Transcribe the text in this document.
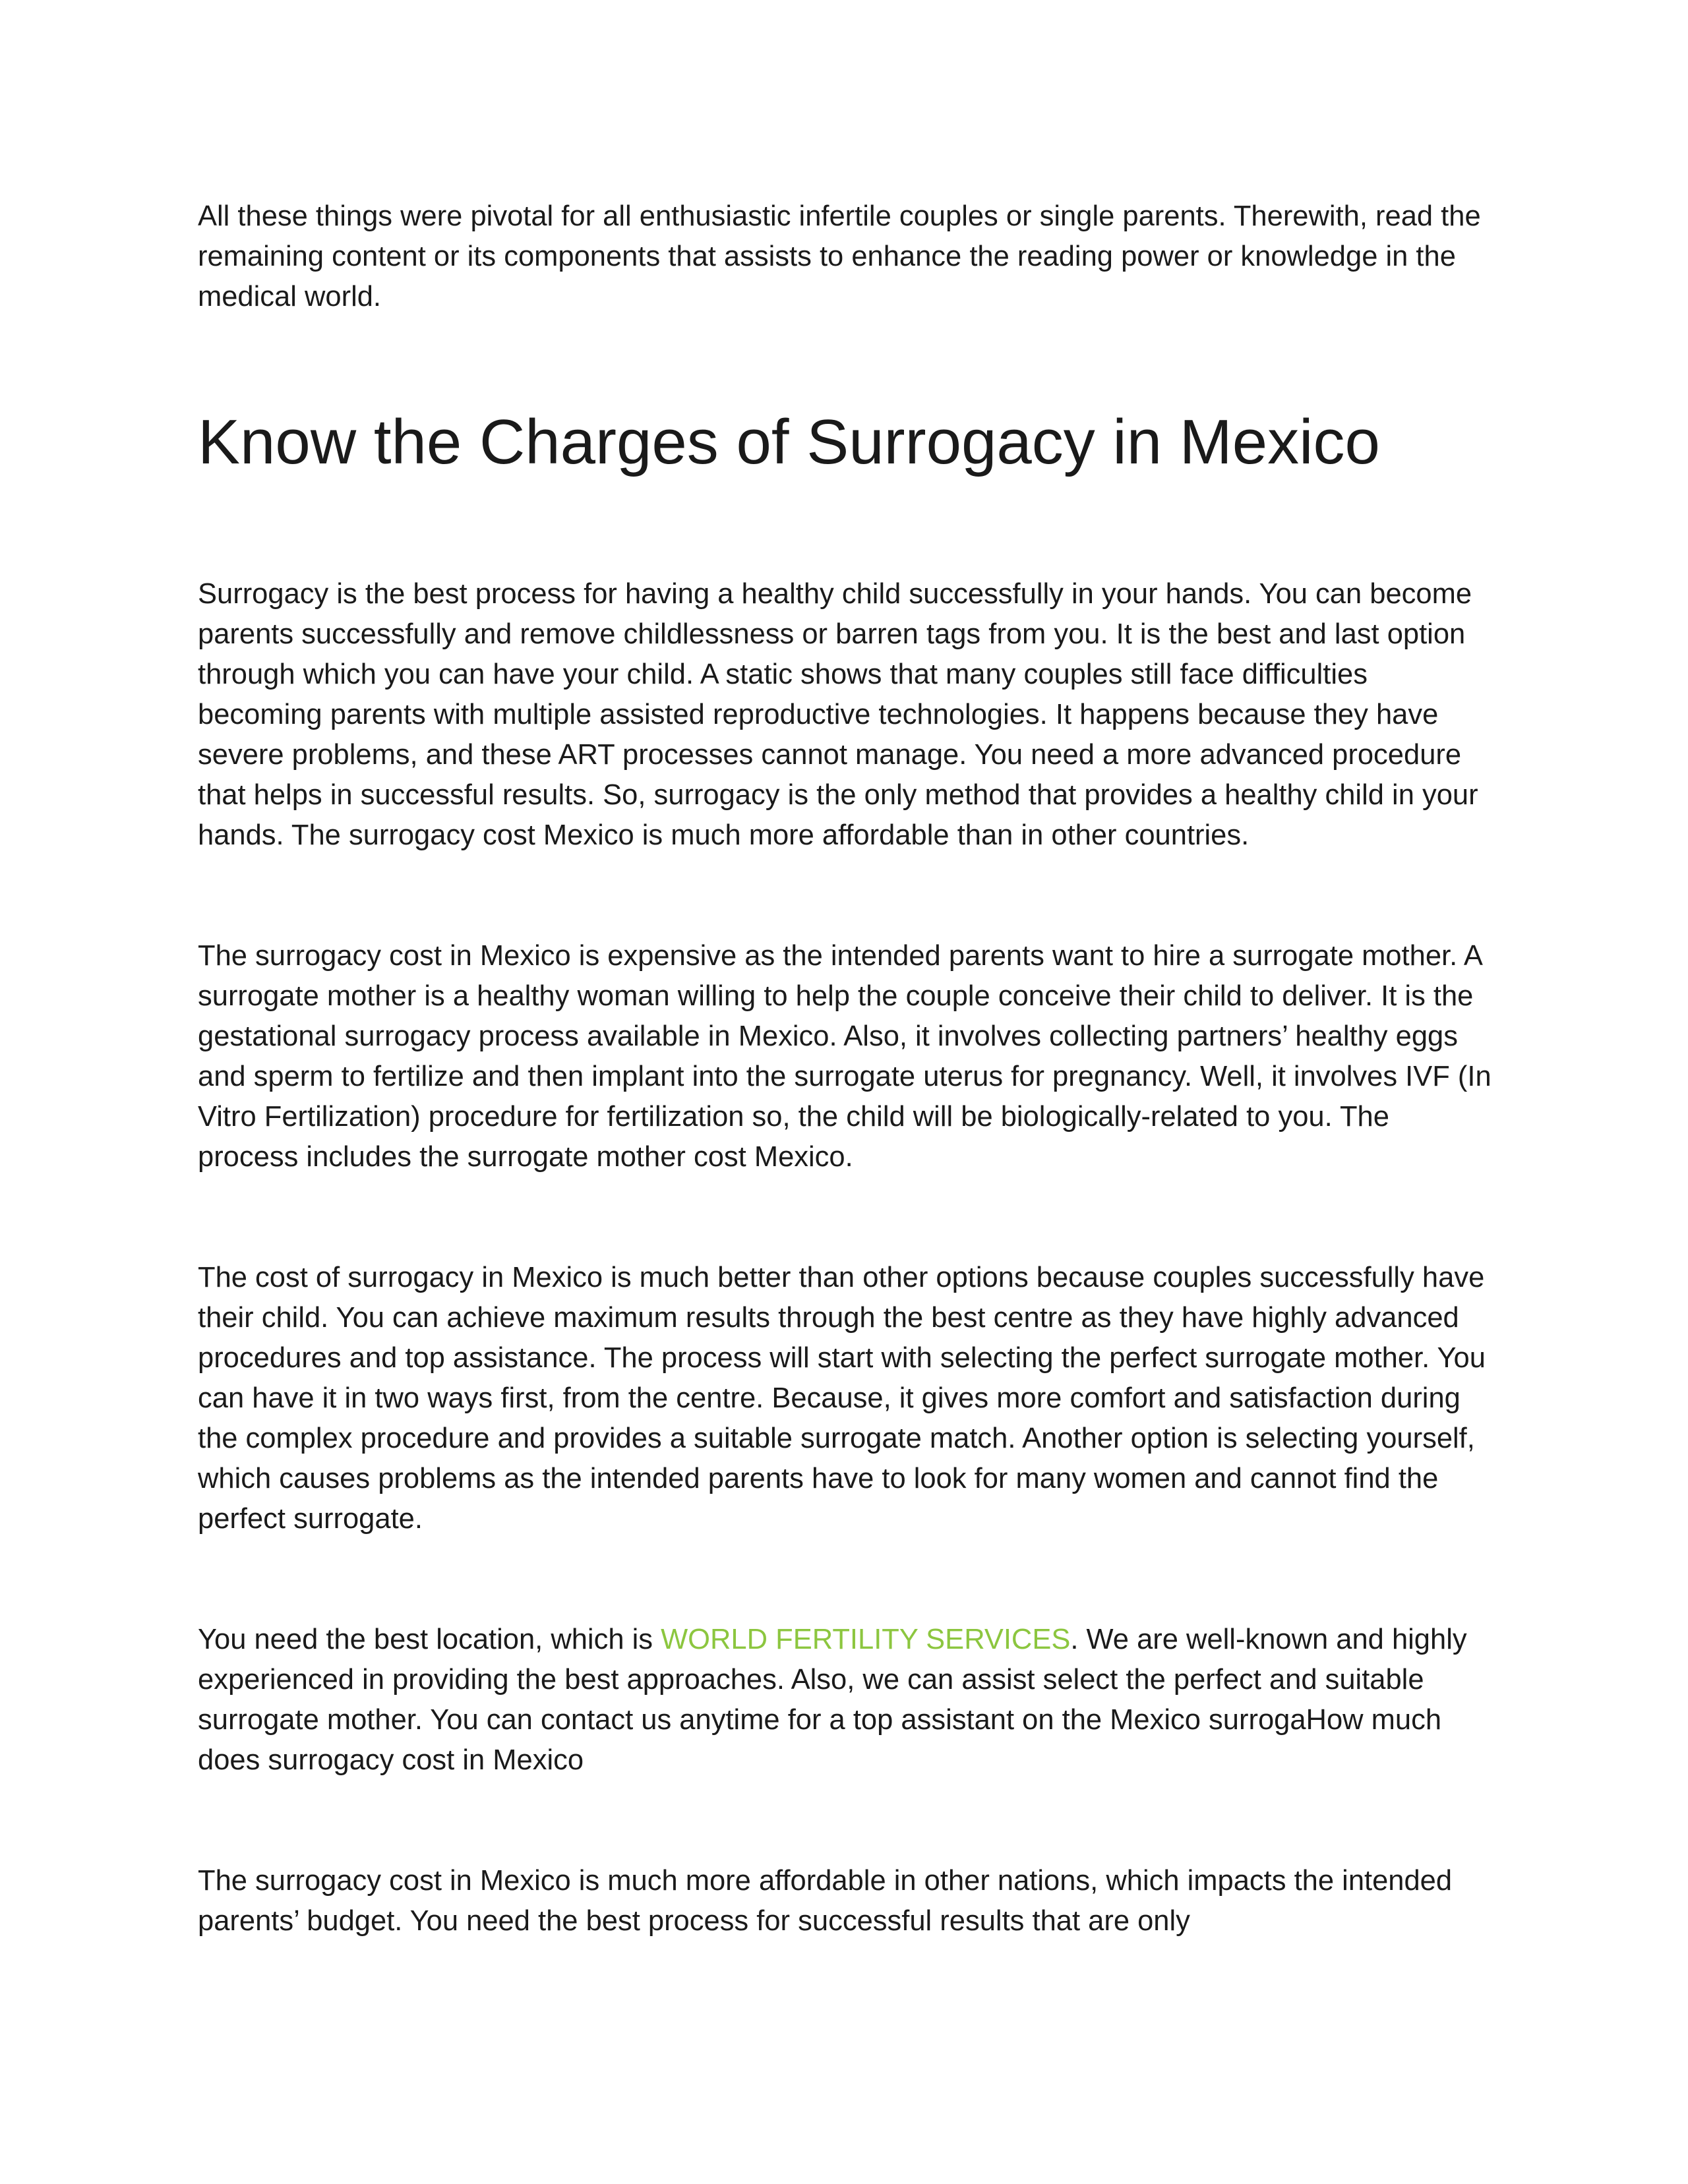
All these things were pivotal for all enthusiastic infertile couples or single parents. Therewith, read the remaining content or its components that assists to enhance the reading power or knowledge in the medical world.

Know the Charges of Surrogacy in Mexico

Surrogacy is the best process for having a healthy child successfully in your hands. You can become parents successfully and remove childlessness or barren tags from you. It is the best and last option through which you can have your child. A static shows that many couples still face difficulties becoming parents with multiple assisted reproductive technologies. It happens because they have severe problems, and these ART processes cannot manage. You need a more advanced procedure that helps in successful results. So, surrogacy is the only method that provides a healthy child in your hands. The surrogacy cost Mexico is much more affordable than in other countries.

The surrogacy cost in Mexico is expensive as the intended parents want to hire a surrogate mother. A surrogate mother is a healthy woman willing to help the couple conceive their child to deliver. It is the gestational surrogacy process available in Mexico. Also, it involves collecting partners’ healthy eggs and sperm to fertilize and then implant into the surrogate uterus for pregnancy. Well, it involves IVF (In Vitro Fertilization) procedure for fertilization so, the child will be biologically-related to you. The process includes the surrogate mother cost Mexico.

The cost of surrogacy in Mexico is much better than other options because couples successfully have their child. You can achieve maximum results through the best centre as they have highly advanced procedures and top assistance. The process will start with selecting the perfect surrogate mother. You can have it in two ways first, from the centre. Because, it gives more comfort and satisfaction during the complex procedure and provides a suitable surrogate match. Another option is selecting yourself, which causes problems as the intended parents have to look for many women and cannot find the perfect surrogate.

You need the best location, which is WORLD FERTILITY SERVICES. We are well-known and highly experienced in providing the best approaches. Also, we can assist select the perfect and suitable surrogate mother. You can contact us anytime for a top assistant on the Mexico surrogaHow much does surrogacy cost in Mexico

The surrogacy cost in Mexico is much more affordable in other nations, which impacts the intended parents’ budget. You need the best process for successful results that are only
